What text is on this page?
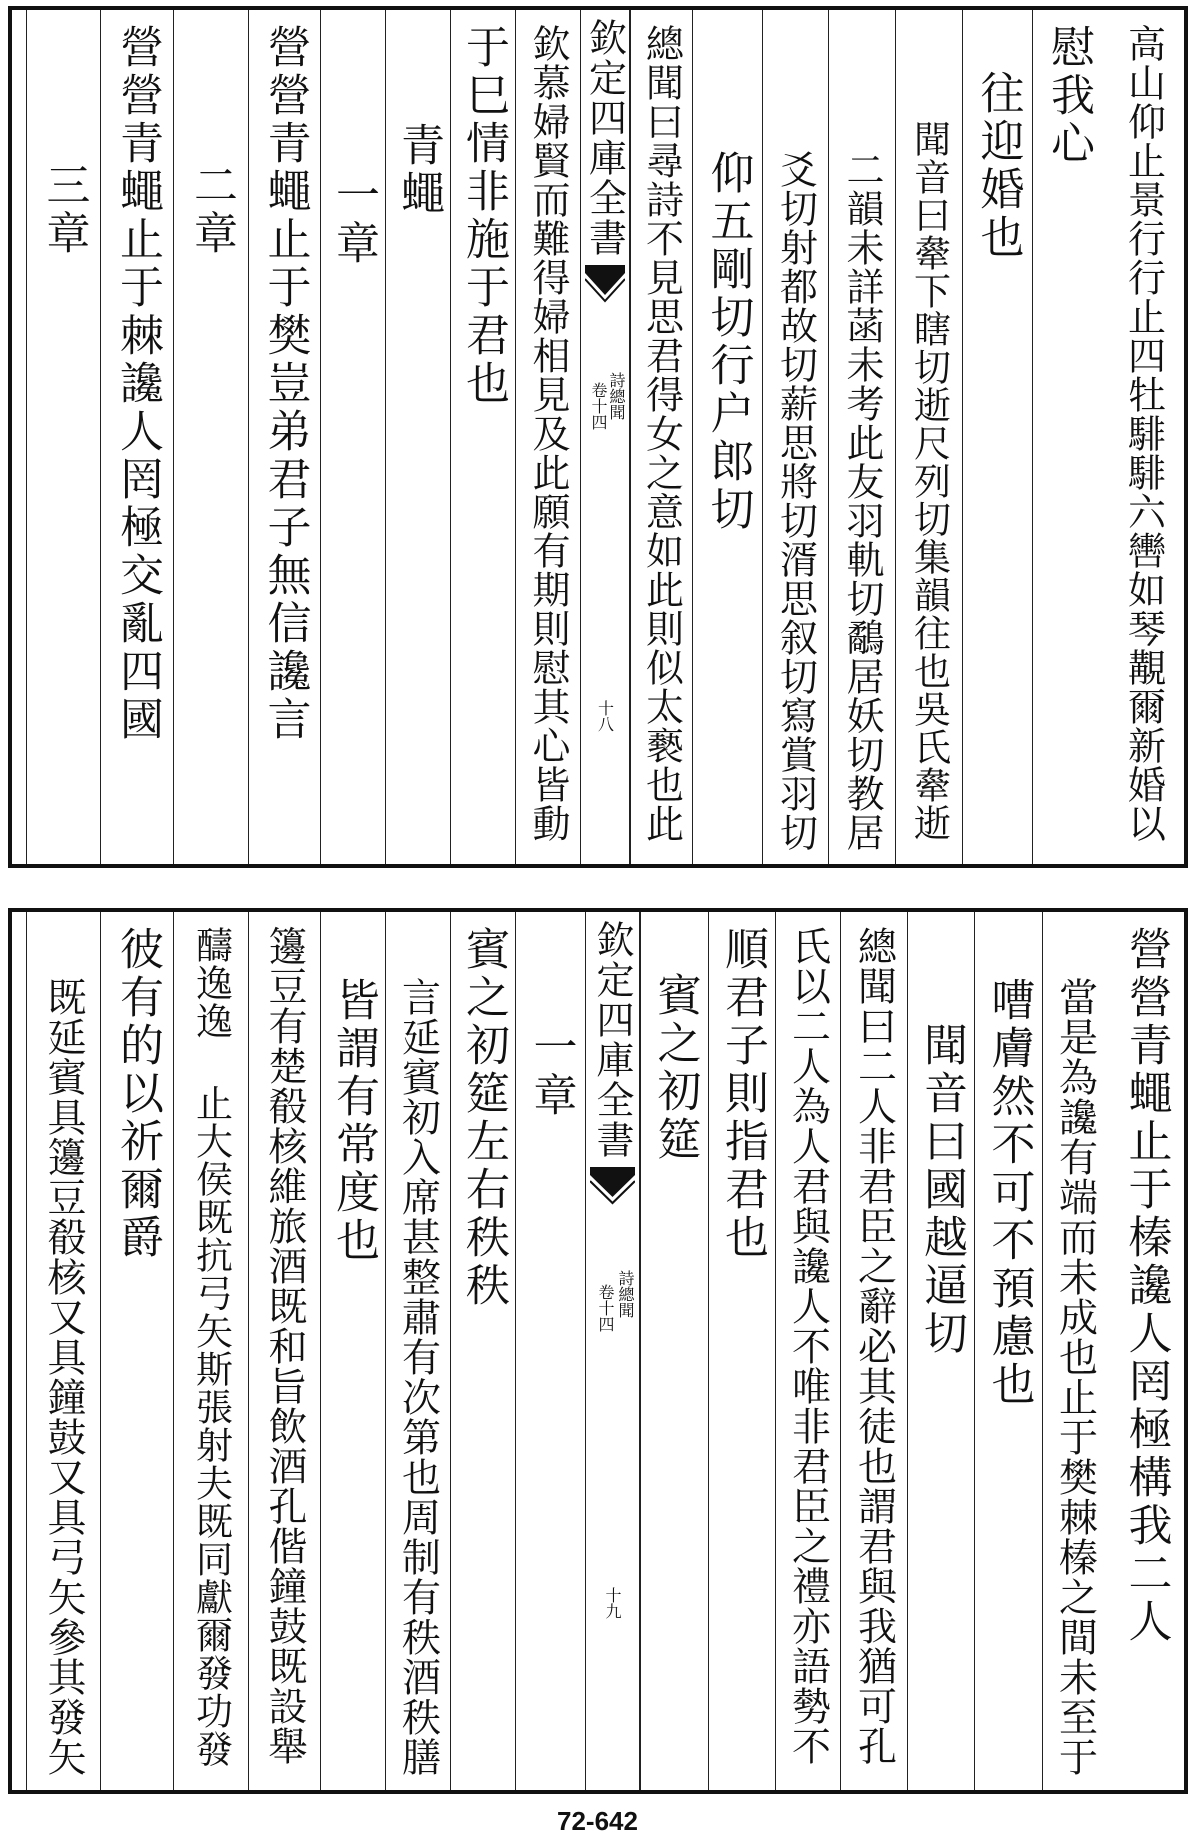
高山仰止景行行止四牡騑騑六轡如琴覯爾新婚以
慰我心
往迎婚也
聞音曰舝下瞎切逝尺列切集韻往也吳氏舝逝
二韻未詳菡未考此友羽軌切鷸居妖切教居
爻切射都故切薪思將切湑思叙切寫賞羽切
仰五剛切行户郎切
總聞曰尋詩不見思君得女之意如此則似太褻也此
欽定四庫全書
詩總聞
卷十四
十八
欽慕婦賢而難得婦相見及此願有期則慰其心皆動
于巳情非施于君也
青蠅
一章
營營青蠅止于樊豈弟君子無信讒言
二章
營營青蠅止于棘讒人罔極交亂四國
三章
營營青蠅止于榛讒人罔極構我二人
當是為讒有端而未成也止于樊棘榛之間未至于
嘈膚然不可不預慮也
聞音曰國越逼切
總聞曰二人非君臣之辭必其徒也謂君與我猶可孔
氏以二人為人君與讒人不唯非君臣之禮亦語勢不
順君子則指君也
賓之初筵
欽定四庫全書
詩總聞
卷十四
十九
一章
賓之初筵左右秩秩
言延賓初入席甚整肅有次第也周制有秩酒秩膳
皆謂有常度也
籩豆有楚殽核維旅酒既和旨飲酒孔偕鐘鼓既設舉
醻逸逸 止大侯既抗弓矢斯張射夫既同獻爾發功發
彼有的以祈爾爵
既延賓具籩豆殽核又具鐘鼓又具弓矢參其發矢
72-642
